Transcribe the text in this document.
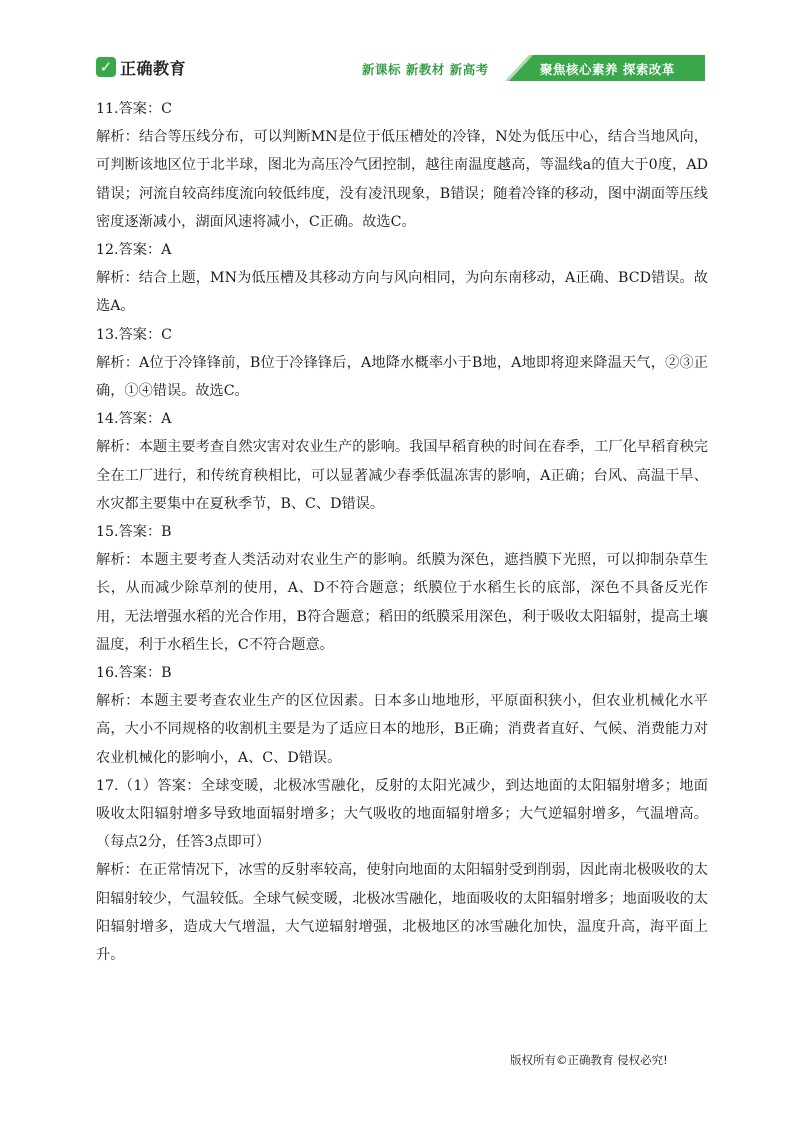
✓ 正确教育	新课标 新教材 新高考	聚焦核心素养 探索改革

11.答案：C

解析：结合等压线分布，可以判断MN是位于低压槽处的冷锋，N处为低压中心，结合当地风向，可判断该地区位于北半球，图北为高压冷气团控制，越往南温度越高，等温线a的值大于0度，AD错误；河流自较高纬度流向较低纬度，没有凌汛现象，B错误；随着冷锋的移动，图中湖面等压线密度逐渐减小，湖面风速将减小，C正确。故选C。

12.答案：A

解析：结合上题，MN为低压槽及其移动方向与风向相同，为向东南移动，A正确、BCD错误。故选A。

13.答案：C

解析：A位于冷锋锋前，B位于冷锋锋后，A地降水概率小于B地，A地即将迎来降温天气，②③正确，①④错误。故选C。

14.答案：A

解析：本题主要考查自然灾害对农业生产的影响。我国早稻育秧的时间在春季，工厂化早稻育秧完全在工厂进行，和传统育秧相比，可以显著减少春季低温冻害的影响，A正确；台风、高温干旱、水灾都主要集中在夏秋季节，B、C、D错误。

15.答案：B

解析：本题主要考查人类活动对农业生产的影响。纸膜为深色，遮挡膜下光照，可以抑制杂草生长，从而减少除草剂的使用，A、D不符合题意；纸膜位于水稻生长的底部，深色不具备反光作用，无法增强水稻的光合作用，B符合题意；稻田的纸膜采用深色，利于吸收太阳辐射，提高土壤温度，利于水稻生长，C不符合题意。

16.答案：B

解析：本题主要考查农业生产的区位因素。日本多山地地形，平原面积狭小，但农业机械化水平高，大小不同规格的收割机主要是为了适应日本的地形，B正确；消费者直好、气候、消费能力对农业机械化的影响小，A、C、D错误。

17.（1）答案：全球变暖，北极冰雪融化，反射的太阳光减少，到达地面的太阳辐射增多；地面吸收太阳辐射增多导致地面辐射增多；大气吸收的地面辐射增多；大气逆辐射增多，气温增高。（每点2分，任答3点即可）

解析：在正常情况下，冰雪的反射率较高，使射向地面的太阳辐射受到削弱，因此南北极吸收的太阳辐射较少，气温较低。全球气候变暖，北极冰雪融化，地面吸收的太阳辐射增多；地面吸收的太阳辐射增多，造成大气增温，大气逆辐射增强，北极地区的冰雪融化加快，温度升高，海平面上升。

版权所有©正确教育 侵权必究!
